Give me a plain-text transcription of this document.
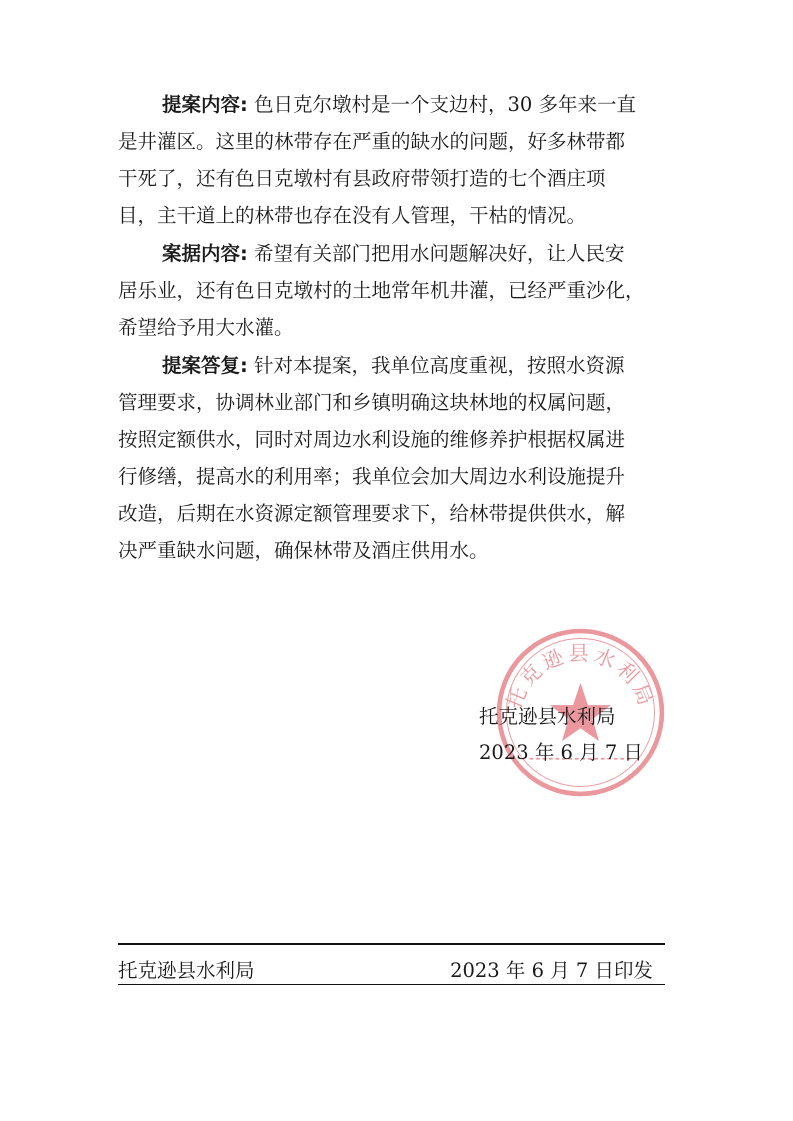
提案内容: 色日克尔墩村是一个支边村，30 多年来一直
是井灌区。这里的林带存在严重的缺水的问题，好多林带都
干死了，还有色日克墩村有县政府带领打造的七个酒庄项
目，主干道上的林带也存在没有人管理，干枯的情况。
案据内容: 希望有关部门把用水问题解决好，让人民安
居乐业，还有色日克墩村的土地常年机井灌，已经严重沙化，
希望给予用大水灌。
提案答复: 针对本提案，我单位高度重视，按照水资源
管理要求，协调林业部门和乡镇明确这块林地的权属问题，
按照定额供水，同时对周边水利设施的维修养护根据权属进
行修缮，提高水的利用率；我单位会加大周边水利设施提升
改造，后期在水资源定额管理要求下，给林带提供供水，解
决严重缺水问题，确保林带及酒庄供用水。
托克逊县水利局
托克逊县水利局
2023 年 6 月 7 日
托克逊县水利局	2023 年 6 月 7 日印发
